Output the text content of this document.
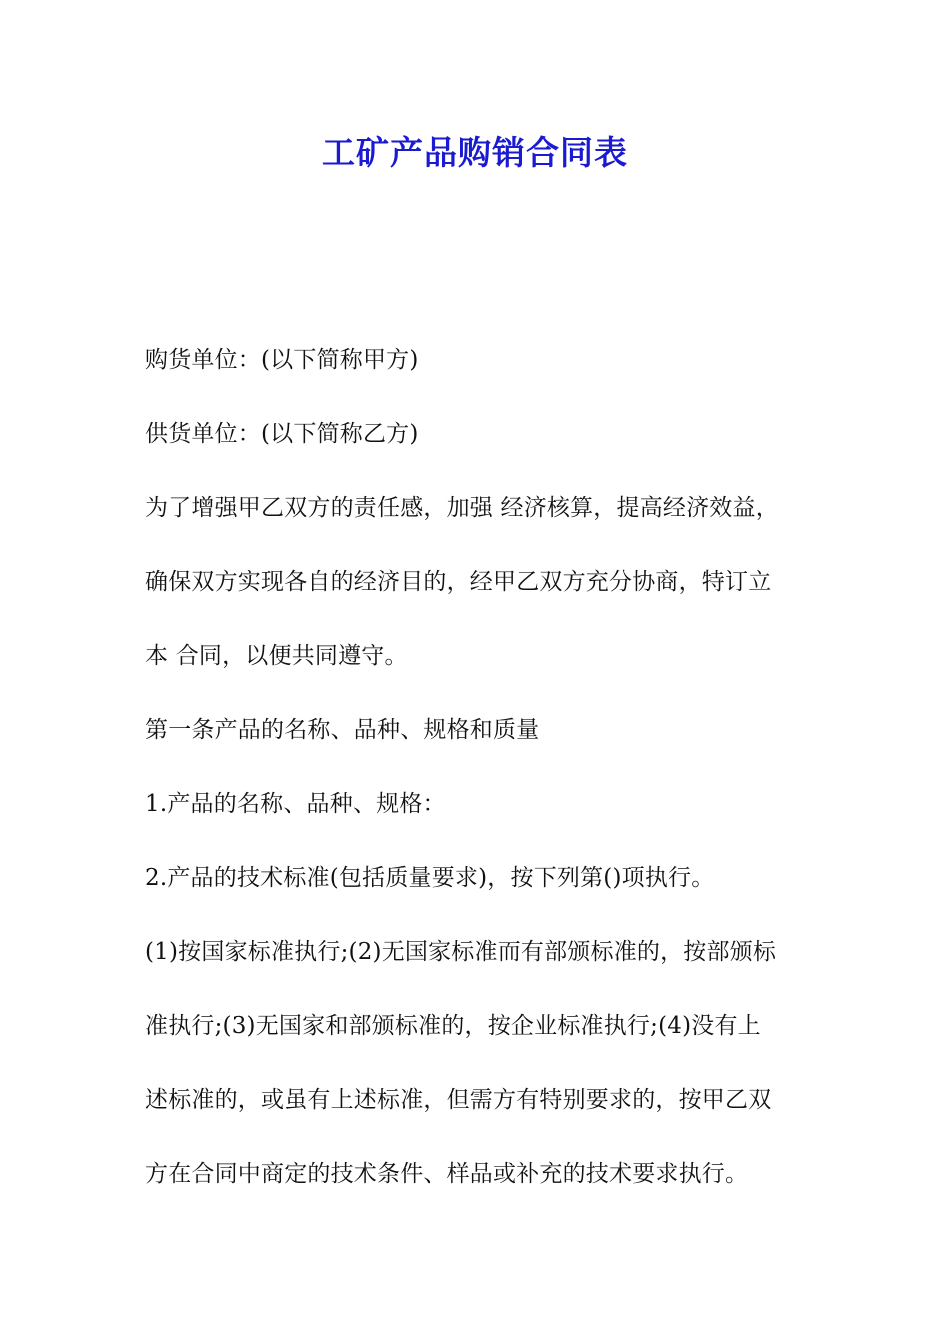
工矿产品购销合同表
购货单位：(以下简称甲方)
供货单位：(以下简称乙方)
为了增强甲乙双方的责任感，加强 经济核算，提高经济效益，
确保双方实现各自的经济目的，经甲乙双方充分协商，特订立
本 合同，以便共同遵守。
第一条产品的名称、品种、规格和质量
1.产品的名称、品种、规格：
2.产品的技术标准(包括质量要求)，按下列第()项执行。
(1)按国家标准执行;(2)无国家标准而有部颁标准的，按部颁标
准执行;(3)无国家和部颁标准的，按企业标准执行;(4)没有上
述标准的，或虽有上述标准，但需方有特别要求的，按甲乙双
方在合同中商定的技术条件、样品或补充的技术要求执行。
